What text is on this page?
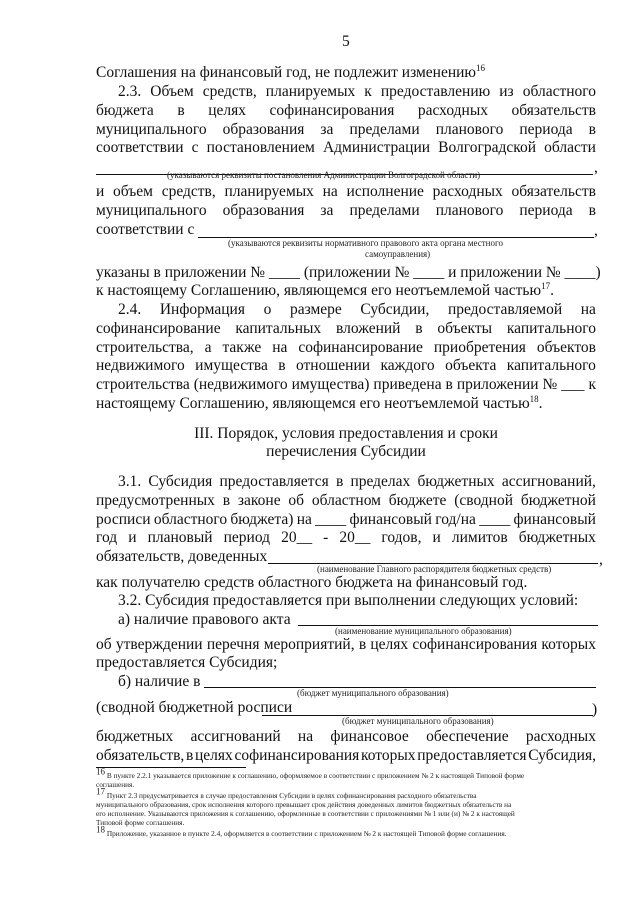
5
Соглашения на финансовый год, не подлежит изменению$^{16}$
2.3. Объем средств, планируемых к предоставлению из областного
бюджета в целях софинансирования расходных обязательств
муниципального образования за пределами планового периода в
соответствии с постановлением Администрации Волгоградской области
,
(указываются реквизиты постановления Администрации Волгоградской области)
и объем средств, планируемых на исполнение расходных обязательств
муниципального образования за пределами планового периода в
соответствии с	,
(указываются реквизиты нормативного правового акта органа местного
самоуправления)
указаны в приложении № ____ (приложении № ____ и приложении № ____)
к настоящему Соглашению, являющемся его неотъемлемой частью$^{17}$.
2.4. Информация о размере Субсидии, предоставляемой на
софинансирование капитальных вложений в объекты капитального
строительства, а также на софинансирование приобретения объектов
недвижимого имущества в отношении каждого объекта капитального
строительства (недвижимого имущества) приведена в приложении № ___ к
настоящему Соглашению, являющемся его неотъемлемой частью$^{18}$.
III. Порядок, условия предоставления и сроки
перечисления Субсидии
3.1. Субсидия предоставляется в пределах бюджетных ассигнований,
предусмотренных в законе об областном бюджете (сводной бюджетной
росписи областного бюджета) на ____ финансовый год/на ____ финансовый
год и плановый период 20__ - 20__ годов, и лимитов бюджетных
обязательств, доведенных	,
(наименование Главного распорядителя бюджетных средств)
как получателю средств областного бюджета на финансовый год.
3.2. Субсидия предоставляется при выполнении следующих условий:
а) наличие правового акта
(наименование муниципального образования)
об утверждении перечня мероприятий, в целях софинансирования которых
предоставляется Субсидия;
б) наличие в
(бюджет муниципального образования)
(сводной бюджетной росписи	)
(бюджет муниципального образования)
бюджетных ассигнований на финансовое обеспечение расходных
обязательств, в целях софинансирования которых предоставляется Субсидия,
$^{16}$ В пункте 2.2.1 указывается приложение к соглашению, оформляемое в соответствии с приложением № 2 к настоящей Типовой форме
соглашения.
$^{17}$ Пункт 2.3 предусматривается в случае предоставления Субсидии в целях софинансирования расходного обязательства
муниципального образования, срок исполнения которого превышает срок действия доведенных лимитов бюджетных обязательств на
его исполнение. Указываются приложения к соглашению, оформленные в соответствии с приложениями № 1 или (и) № 2 к настоящей
Типовой форме соглашения.
$^{18}$ Приложение, указанное в пункте 2.4, оформляется в соответствии с приложением № 2 к настоящей Типовой форме соглашения.
